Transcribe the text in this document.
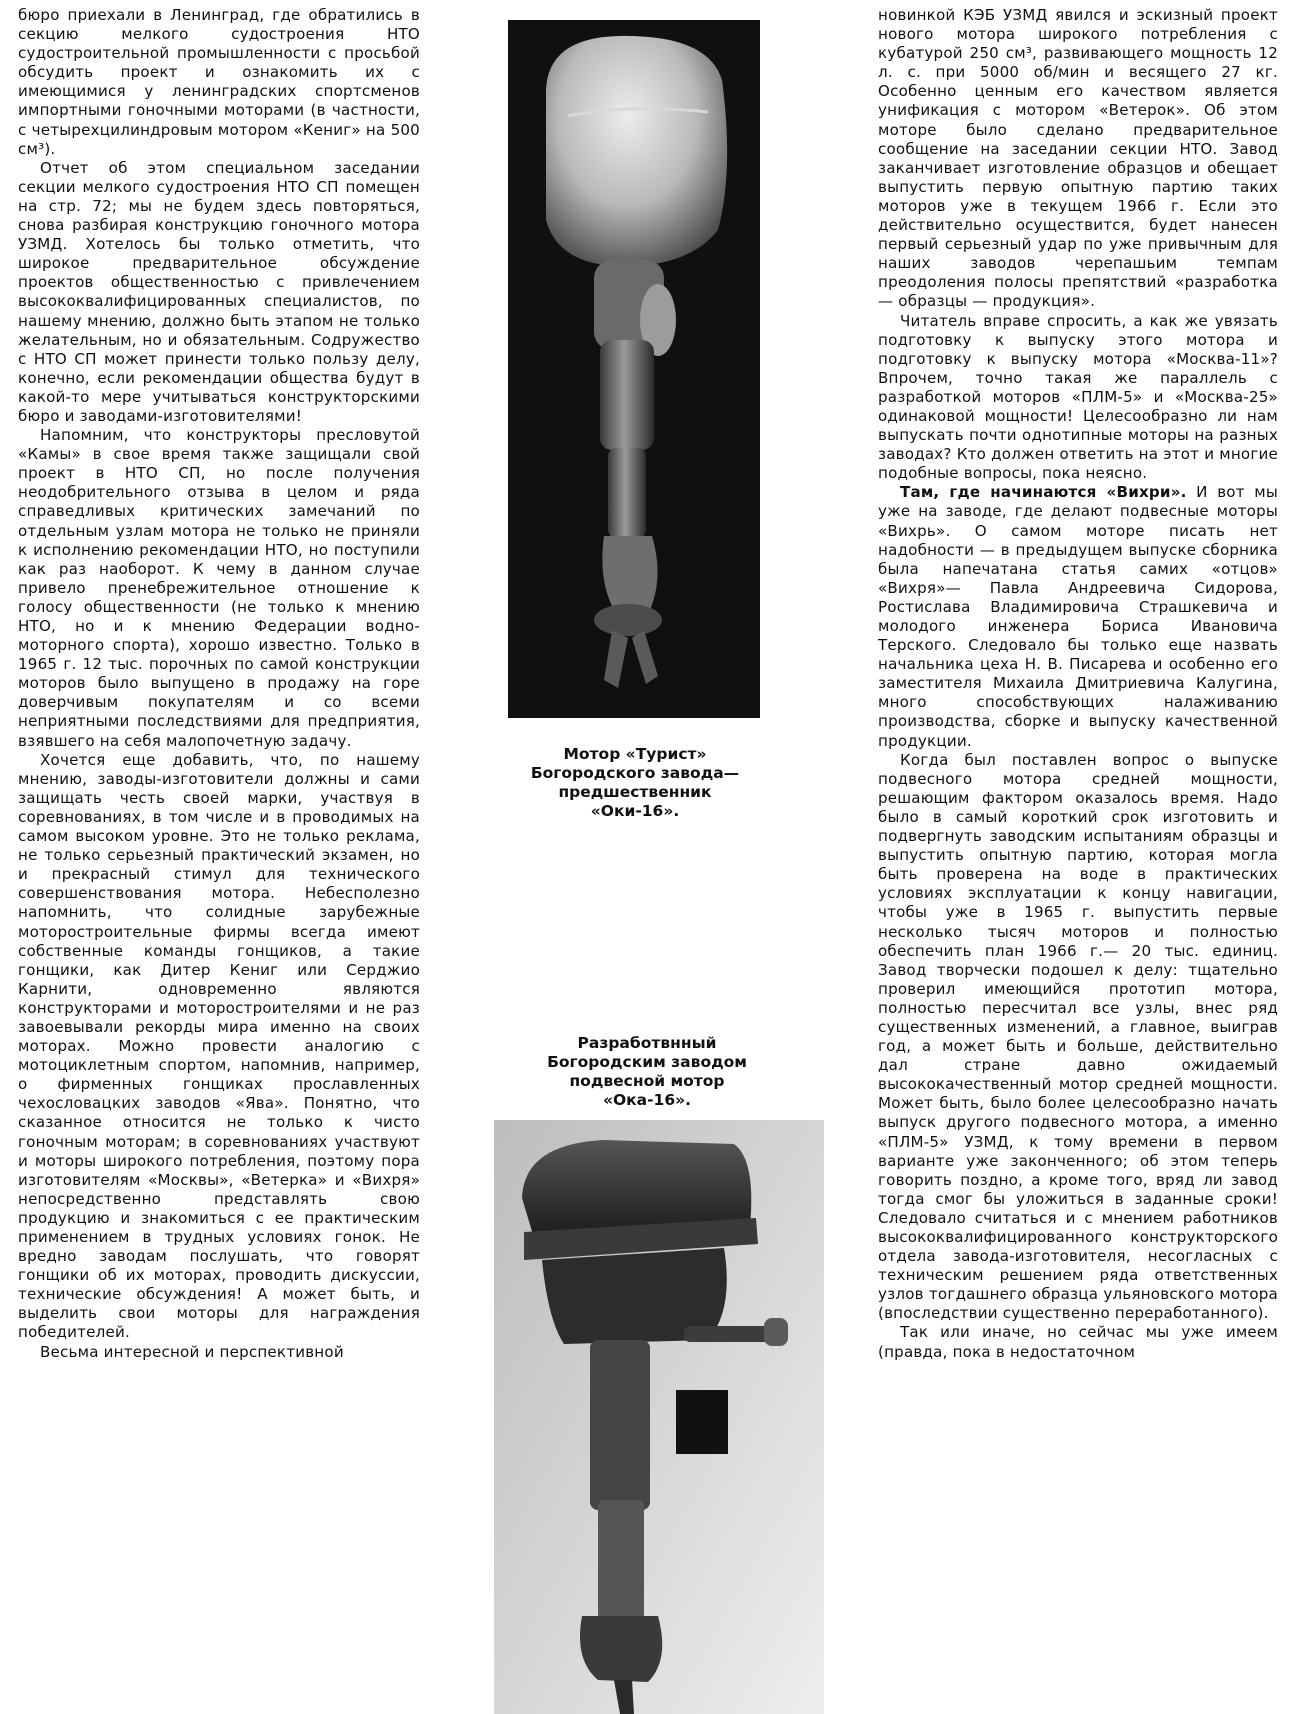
бюро приехали в Ленинград, где обратились в секцию мелкого судостроения НТО судостроительной промышленности с просьбой обсудить проект и ознакомить их с имеющимися у ленинградских спортсменов импортными гоночными моторами (в частности, с четырехцилиндровым мотором «Кениг» на 500 см³).

Отчет об этом специальном заседании секции мелкого судостроения НТО СП помещен на стр. 72; мы не будем здесь повторяться, снова разбирая конструкцию гоночного мотора УЗМД. Хотелось бы только отметить, что широкое предварительное обсуждение проектов общественностью с привлечением высококвалифицированных специалистов, по нашему мнению, должно быть этапом не только желательным, но и обязательным. Содружество с НТО СП может принести только пользу делу, конечно, если рекомендации общества будут в какой-то мере учитываться конструкторскими бюро и заводами-изготовителями!

Напомним, что конструкторы пресловутой «Камы» в свое время также защищали свой проект в НТО СП, но после получения неодобрительного отзыва в целом и ряда справедливых критических замечаний по отдельным узлам мотора не только не приняли к исполнению рекомендации НТО, но поступили как раз наоборот. К чему в данном случае привело пренебрежительное отношение к голосу общественности (не только к мнению НТО, но и к мнению Федерации водно-моторного спорта), хорошо известно. Только в 1965 г. 12 тыс. порочных по самой конструкции моторов было выпущено в продажу на горе доверчивым покупателям и со всеми неприятными последствиями для предприятия, взявшего на себя малопочетную задачу.

Хочется еще добавить, что, по нашему мнению, заводы-изготовители должны и сами защищать честь своей марки, участвуя в соревнованиях, в том числе и в проводимых на самом высоком уровне. Это не только реклама, не только серьезный практический экзамен, но и прекрасный стимул для технического совершенствования мотора. Небесполезно напомнить, что солидные зарубежные моторостроительные фирмы всегда имеют собственные команды гонщиков, а такие гонщики, как Дитер Кениг или Серджио Карнити, одновременно являются конструкторами и моторостроителями и не раз завоевывали рекорды мира именно на своих моторах. Можно провести аналогию с мотоциклетным спортом, напомнив, например, о фирменных гонщиках прославленных чехословацких заводов «Ява». Понятно, что сказанное относится не только к чисто гоночным моторам; в соревнованиях участвуют и моторы широкого потребления, поэтому пора изготовителям «Москвы», «Ветерка» и «Вихря» непосредственно представлять свою продукцию и знакомиться с ее практическим применением в трудных условиях гонок. Не вредно заводам послушать, что говорят гонщики об их моторах, проводить дискуссии, технические обсуждения! А может быть, и выделить свои моторы для награждения победителей.

Весьма интересной и перспективной

Мотор «Турист» Богородского завода—предшественник «Оки-16».
Разработвнный Богородским заводом подвесной мотор «Ока-16».

новинкой КЭБ УЗМД явился и эскизный проект нового мотора широкого потребления с кубатурой 250 см³, развивающего мощность 12 л. с. при 5000 об/мин и весящего 27 кг. Особенно ценным его качеством является унификация с мотором «Ветерок». Об этом моторе было сделано предварительное сообщение на заседании секции НТО. Завод заканчивает изготовление образцов и обещает выпустить первую опытную партию таких моторов уже в текущем 1966 г. Если это действительно осуществится, будет нанесен первый серьезный удар по уже привычным для наших заводов черепашьим темпам преодоления полосы препятствий «разработка — образцы — продукция».

Читатель вправе спросить, а как же увязать подготовку к выпуску этого мотора и подготовку к выпуску мотора «Москва-11»? Впрочем, точно такая же параллель с разработкой моторов «ПЛМ-5» и «Москва-25» одинаковой мощности! Целесообразно ли нам выпускать почти однотипные моторы на разных заводах? Кто должен ответить на этот и многие подобные вопросы, пока неясно.

Там, где начинаются «Вихри». И вот мы уже на заводе, где делают подвесные моторы «Вихрь». О самом моторе писать нет надобности — в предыдущем выпуске сборника была напечатана статья самих «отцов» «Вихря»— Павла Андреевича Сидорова, Ростислава Владимировича Страшкевича и молодого инженера Бориса Ивановича Терского. Следовало бы только еще назвать начальника цеха Н. В. Писарева и особенно его заместителя Михаила Дмитриевича Калугина, много способствующих налаживанию производства, сборке и выпуску качественной продукции.

Когда был поставлен вопрос о выпуске подвесного мотора средней мощности, решающим фактором оказалось время. Надо было в самый короткий срок изготовить и подвергнуть заводским испытаниям образцы и выпустить опытную партию, которая могла быть проверена на воде в практических условиях эксплуатации к концу навигации, чтобы уже в 1965 г. выпустить первые несколько тысяч моторов и полностью обеспечить план 1966 г.— 20 тыс. единиц. Завод творчески подошел к делу: тщательно проверил имеющийся прототип мотора, полностью пересчитал все узлы, внес ряд существенных изменений, а главное, выиграв год, а может быть и больше, действительно дал стране давно ожидаемый высококачественный мотор средней мощности. Может быть, было более целесообразно начать выпуск другого подвесного мотора, а именно «ПЛМ-5» УЗМД, к тому времени в первом варианте уже законченного; об этом теперь говорить поздно, а кроме того, вряд ли завод тогда смог бы уложиться в заданные сроки! Следовало считаться и с мнением работников высококвалифицированного конструкторского отдела завода-изготовителя, несогласных с техническим решением ряда ответственных узлов тогдашнего образца ульяновского мотора (впоследствии существенно переработанного).

Так или иначе, но сейчас мы уже имеем (правда, пока в недостаточном
